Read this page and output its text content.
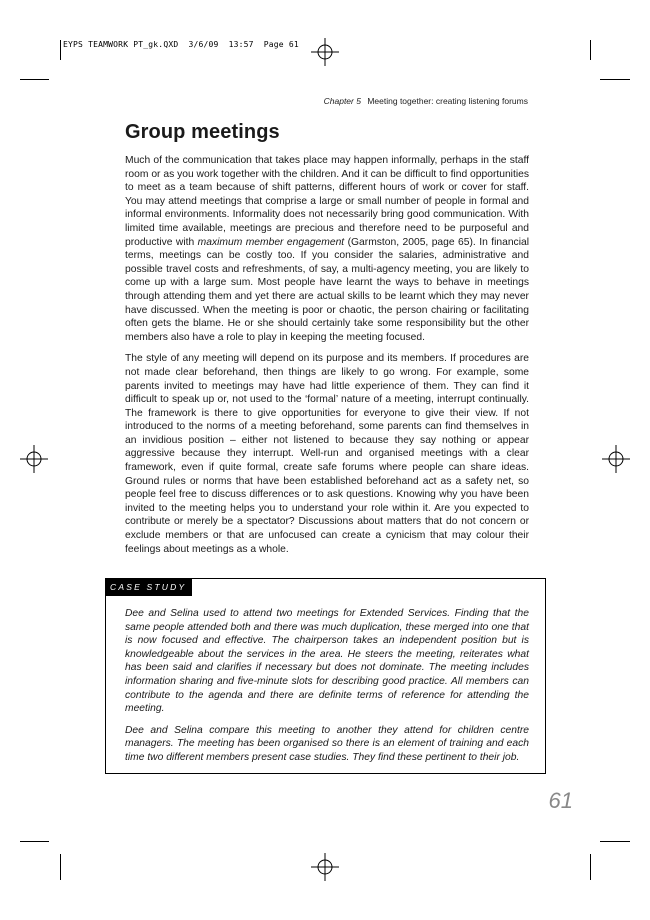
EYPS TEAMWORK PT_gk.QXD 3/6/09 13:57 Page 61
Chapter 5 Meeting together: creating listening forums
Group meetings

Much of the communication that takes place may happen informally, perhaps in the staff room or as you work together with the children. And it can be difficult to find opportunities to meet as a team because of shift patterns, different hours of work or cover for staff. You may attend meetings that comprise a large or small number of people in formal and informal environments. Informality does not necessarily bring good communication. With limited time available, meetings are precious and therefore need to be purposeful and productive with maximum member engagement (Garmston, 2005, page 65). In financial terms, meetings can be costly too. If you consider the salaries, administrative and possible travel costs and refreshments, of say, a multi-agency meeting, you are likely to come up with a large sum. Most people have learnt the ways to behave in meetings through attending them and yet there are actual skills to be learnt which they may never have discussed. When the meeting is poor or chaotic, the person chairing or facilitating often gets the blame. He or she should certainly take some responsibility but the other members also have a role to play in keeping the meeting focused.

The style of any meeting will depend on its purpose and its members. If procedures are not made clear beforehand, then things are likely to go wrong. For example, some parents invited to meetings may have had little experience of them. They can find it difficult to speak up or, not used to the ‘formal’ nature of a meeting, interrupt continually. The framework is there to give opportunities for everyone to give their view. If not introduced to the norms of a meeting beforehand, some parents can find themselves in an invidious position – either not listened to because they say nothing or appear aggressive because they interrupt. Well-run and organised meetings with a clear framework, even if quite formal, create safe forums where people can share ideas. Ground rules or norms that have been established beforehand act as a safety net, so people feel free to discuss differences or to ask questions. Knowing why you have been invited to the meeting helps you to understand your role within it. Are you expected to contribute or merely be a spectator? Discussions about matters that do not concern or exclude members or that are unfocused can create a cynicism that may colour their feelings about meetings as a whole.

CASE STUDY

Dee and Selina used to attend two meetings for Extended Services. Finding that the same people attended both and there was much duplication, these merged into one that is now focused and effective. The chairperson takes an independent position but is knowledgeable about the services in the area. He steers the meeting, reiterates what has been said and clarifies if necessary but does not dominate. The meeting includes information sharing and five-minute slots for describing good practice. All members can contribute to the agenda and there are definite terms of reference for attending the meeting.

Dee and Selina compare this meeting to another they attend for children centre managers. The meeting has been organised so there is an element of training and each time two different members present case studies. They find these pertinent to their job.

61
